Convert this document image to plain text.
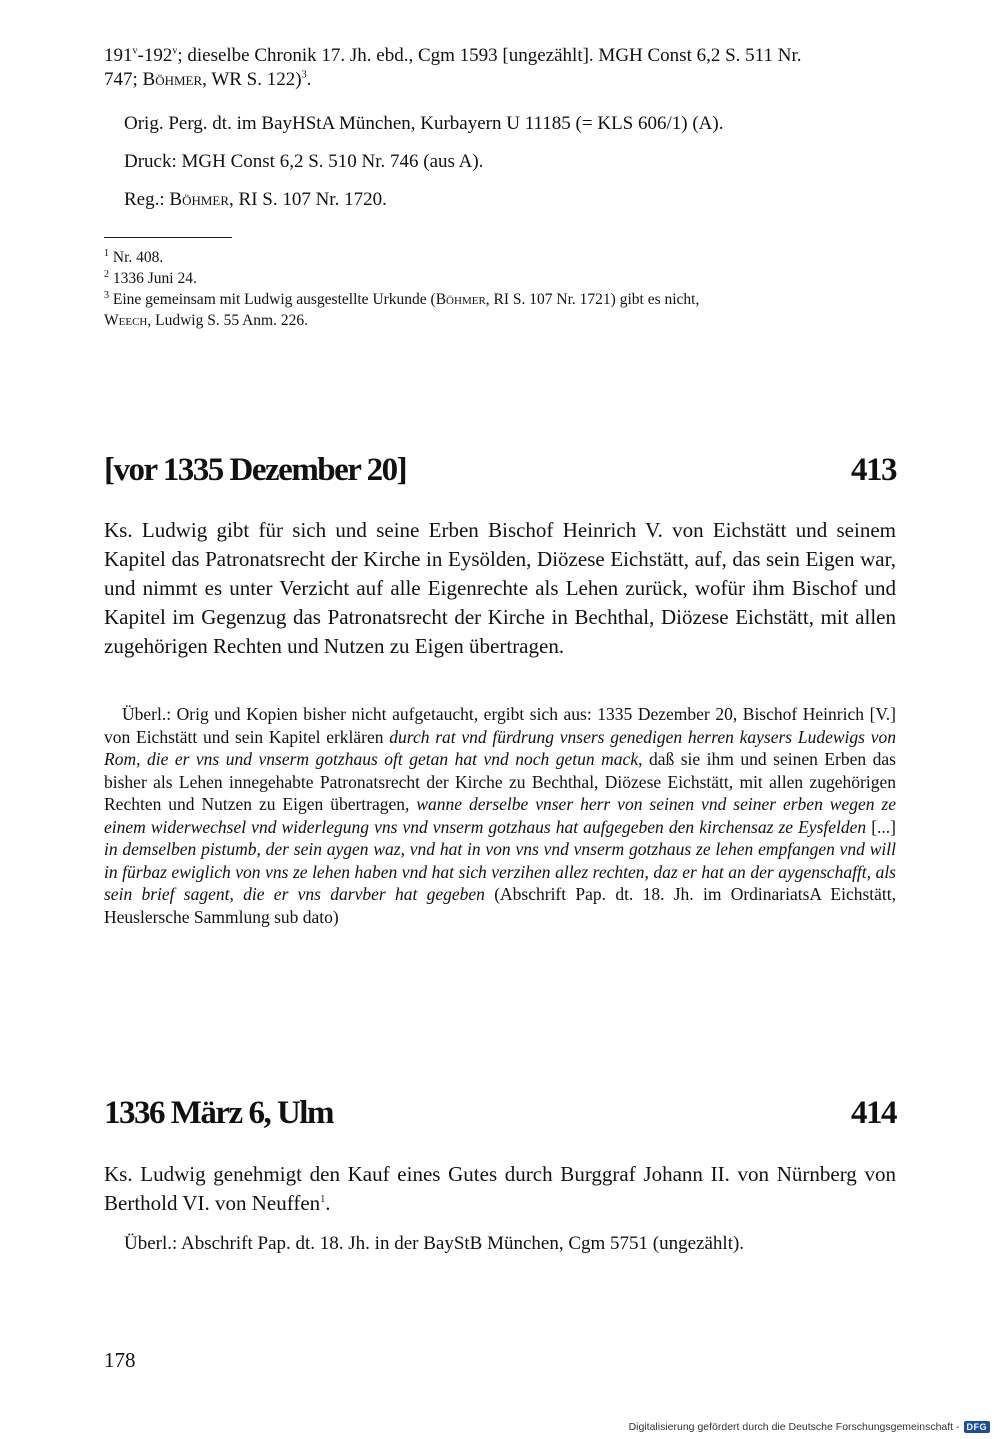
191$^v$-192$^v$; dieselbe Chronik 17. Jh. ebd., Cgm 1593 [ungezählt]. MGH Const 6,2 S. 511 Nr.
747; Böhmer, WR S. 122)$^3$.
Orig. Perg. dt. im BayHStA München, Kurbayern U 11185 (= KLS 606/1) (A).
Druck: MGH Const 6,2 S. 510 Nr. 746 (aus A).
Reg.: Böhmer, RI S. 107 Nr. 1720.
$^1$ Nr. 408.
$^2$ 1336 Juni 24.
$^3$ Eine gemeinsam mit Ludwig ausgestellte Urkunde (Böhmer, RI S. 107 Nr. 1721) gibt es nicht,
Weech, Ludwig S. 55 Anm. 226.
[vor 1335 Dezember 20]	413
Ks. Ludwig gibt für sich und seine Erben Bischof Heinrich V. von Eichstätt und seinem Kapitel das Patronatsrecht der Kirche in Eysölden, Diözese Eichstätt, auf, das sein Eigen war, und nimmt es unter Verzicht auf alle Eigenrechte als Lehen zurück, wofür ihm Bischof und Kapitel im Gegenzug das Patronatsrecht der Kirche in Bechthal, Diözese Eichstätt, mit allen zugehörigen Rechten und Nutzen zu Eigen übertragen.
Überl.: Orig und Kopien bisher nicht aufgetaucht, ergibt sich aus: 1335 Dezember 20, Bischof Heinrich [V.] von Eichstätt und sein Kapitel erklären durch rat vnd fürdrung vnsers genedigen herren kaysers Ludewigs von Rom, die er vns und vnserm gotzhaus oft getan hat vnd noch getun mack, daß sie ihm und seinen Erben das bisher als Lehen innegehabte Patronatsrecht der Kirche zu Bechthal, Diözese Eichstätt, mit allen zugehörigen Rechten und Nutzen zu Eigen übertragen, wanne derselbe vnser herr von seinen vnd seiner erben wegen ze einem widerwechsel vnd widerlegung vns vnd vnserm gotzhaus hat aufgegeben den kirchensaz ze Eysfelden [...] in demselben pistumb, der sein aygen waz, vnd hat in von vns vnd vnserm gotzhaus ze lehen empfangen vnd will in fürbaz ewiglich von vns ze lehen haben vnd hat sich verzihen allez rechten, daz er hat an der aygenschafft, als sein brief sagent, die er vns darvber hat gegeben (Abschrift Pap. dt. 18. Jh. im OrdinariatsA Eichstätt, Heuslersche Sammlung sub dato)
1336 März 6, Ulm	414
Ks. Ludwig genehmigt den Kauf eines Gutes durch Burggraf Johann II. von Nürnberg von Berthold VI. von Neuffen$^1$.
Überl.: Abschrift Pap. dt. 18. Jh. in der BayStB München, Cgm 5751 (ungezählt).
178
Digitalisierung gefördert durch die Deutsche Forschungsgemeinschaft - DFG
